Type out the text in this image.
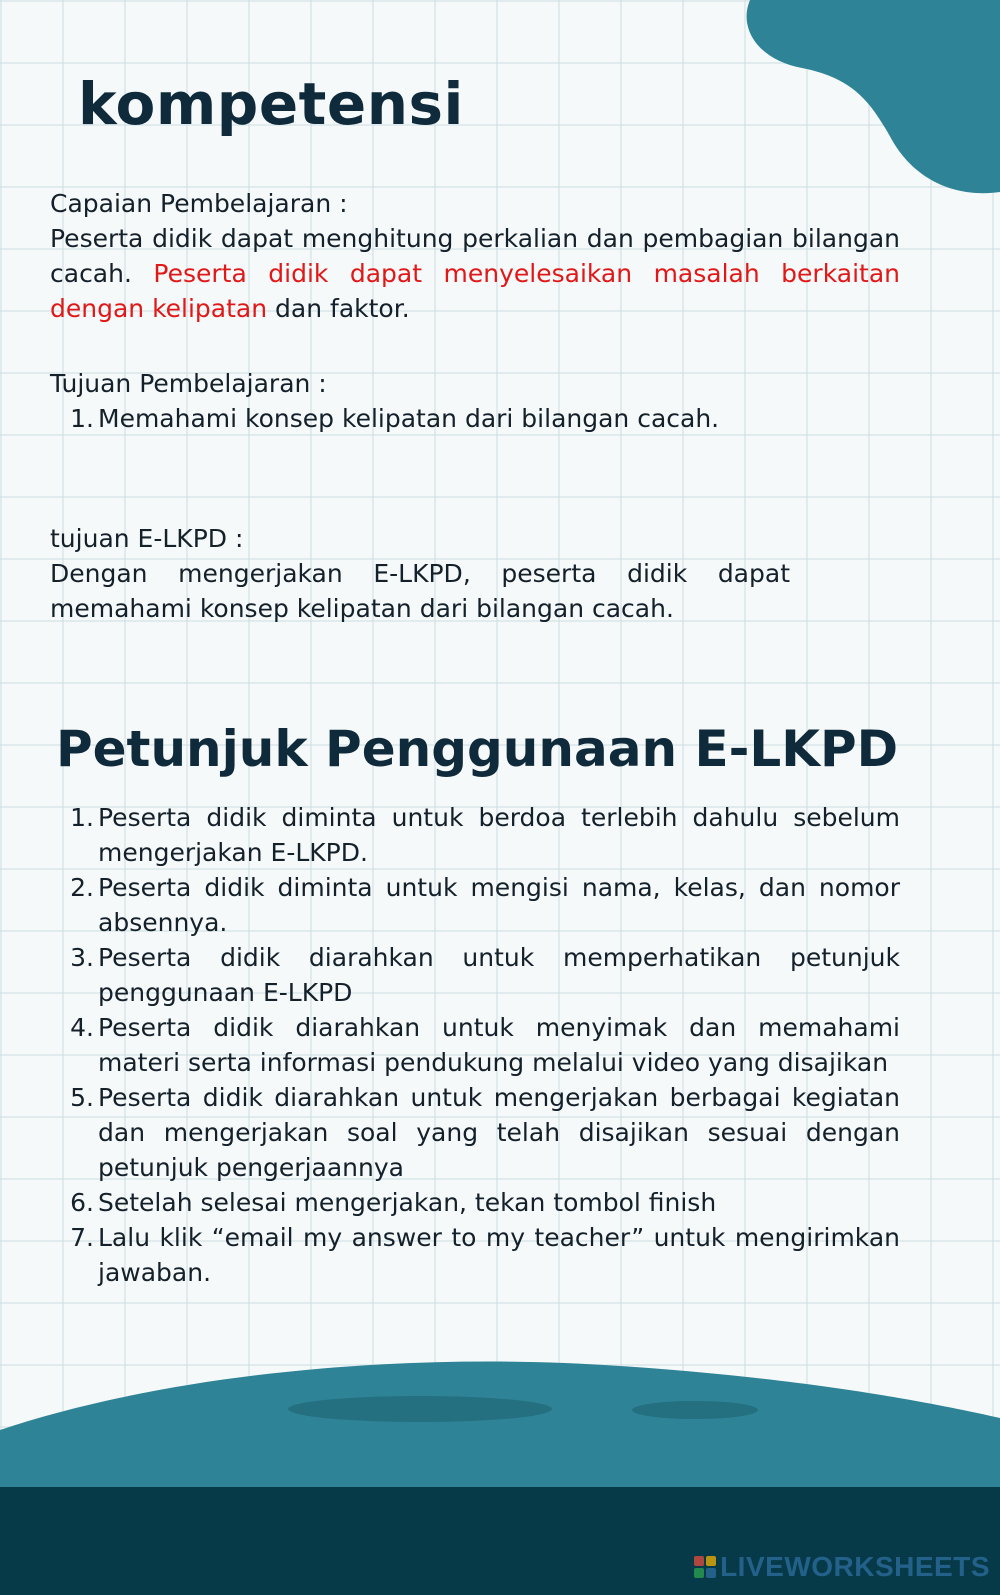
kompetensi
Capaian Pembelajaran :
Peserta didik dapat menghitung perkalian dan pembagian bilangan cacah. Peserta didik dapat menyelesaikan masalah berkaitan dengan kelipatan dan faktor.
Tujuan Pembelajaran :
1. Memahami konsep kelipatan dari bilangan cacah.
tujuan E-LKPD :
Dengan mengerjakan E-LKPD, peserta didik dapat memahami konsep kelipatan dari bilangan cacah.
Petunjuk Penggunaan E-LKPD
1. Peserta didik diminta untuk berdoa terlebih dahulu sebelum mengerjakan E-LKPD.
2. Peserta didik diminta untuk mengisi nama, kelas, dan nomor absennya.
3. Peserta didik diarahkan untuk memperhatikan petunjuk penggunaan E-LKPD
4. Peserta didik diarahkan untuk menyimak dan memahami materi serta informasi pendukung melalui video yang disajikan
5. Peserta didik diarahkan untuk mengerjakan berbagai kegiatan dan mengerjakan soal yang telah disajikan sesuai dengan petunjuk pengerjaannya
6. Setelah selesai mengerjakan, tekan tombol finish
7. Lalu klik “email my answer to my teacher” untuk mengirimkan jawaban.
LIVEWORKSHEETS
